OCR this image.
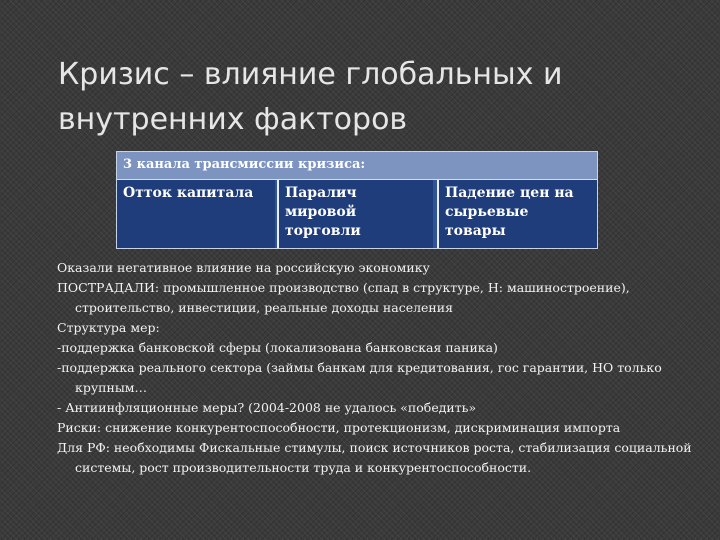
Кризис – влияние глобальных и внутренних факторов
3 канала трансмиссии кризиса:
Отток капитала	Паралич мировой торговли
Падение цен на сырьевые товары

Оказали негативное влияние на российскую экономику

ПОСТРАДАЛИ: промышленное производство (спад в структуре, Н: машиностроение), строительство, инвестиции, реальные доходы населения

Структура мер:

-поддержка банковской сферы (локализована банковская паника)

-поддержка реального сектора (займы банкам для кредитования, гос гарантии, НО только крупным…

- Антиинфляционные меры? (2004-2008 не удалось «победить»

Риски: снижение конкурентоспособности, протекционизм, дискриминация импорта

Для РФ: необходимы Фискальные стимулы, поиск источников роста, стабилизация социальной системы, рост производительности труда и конкурентоспособности.
